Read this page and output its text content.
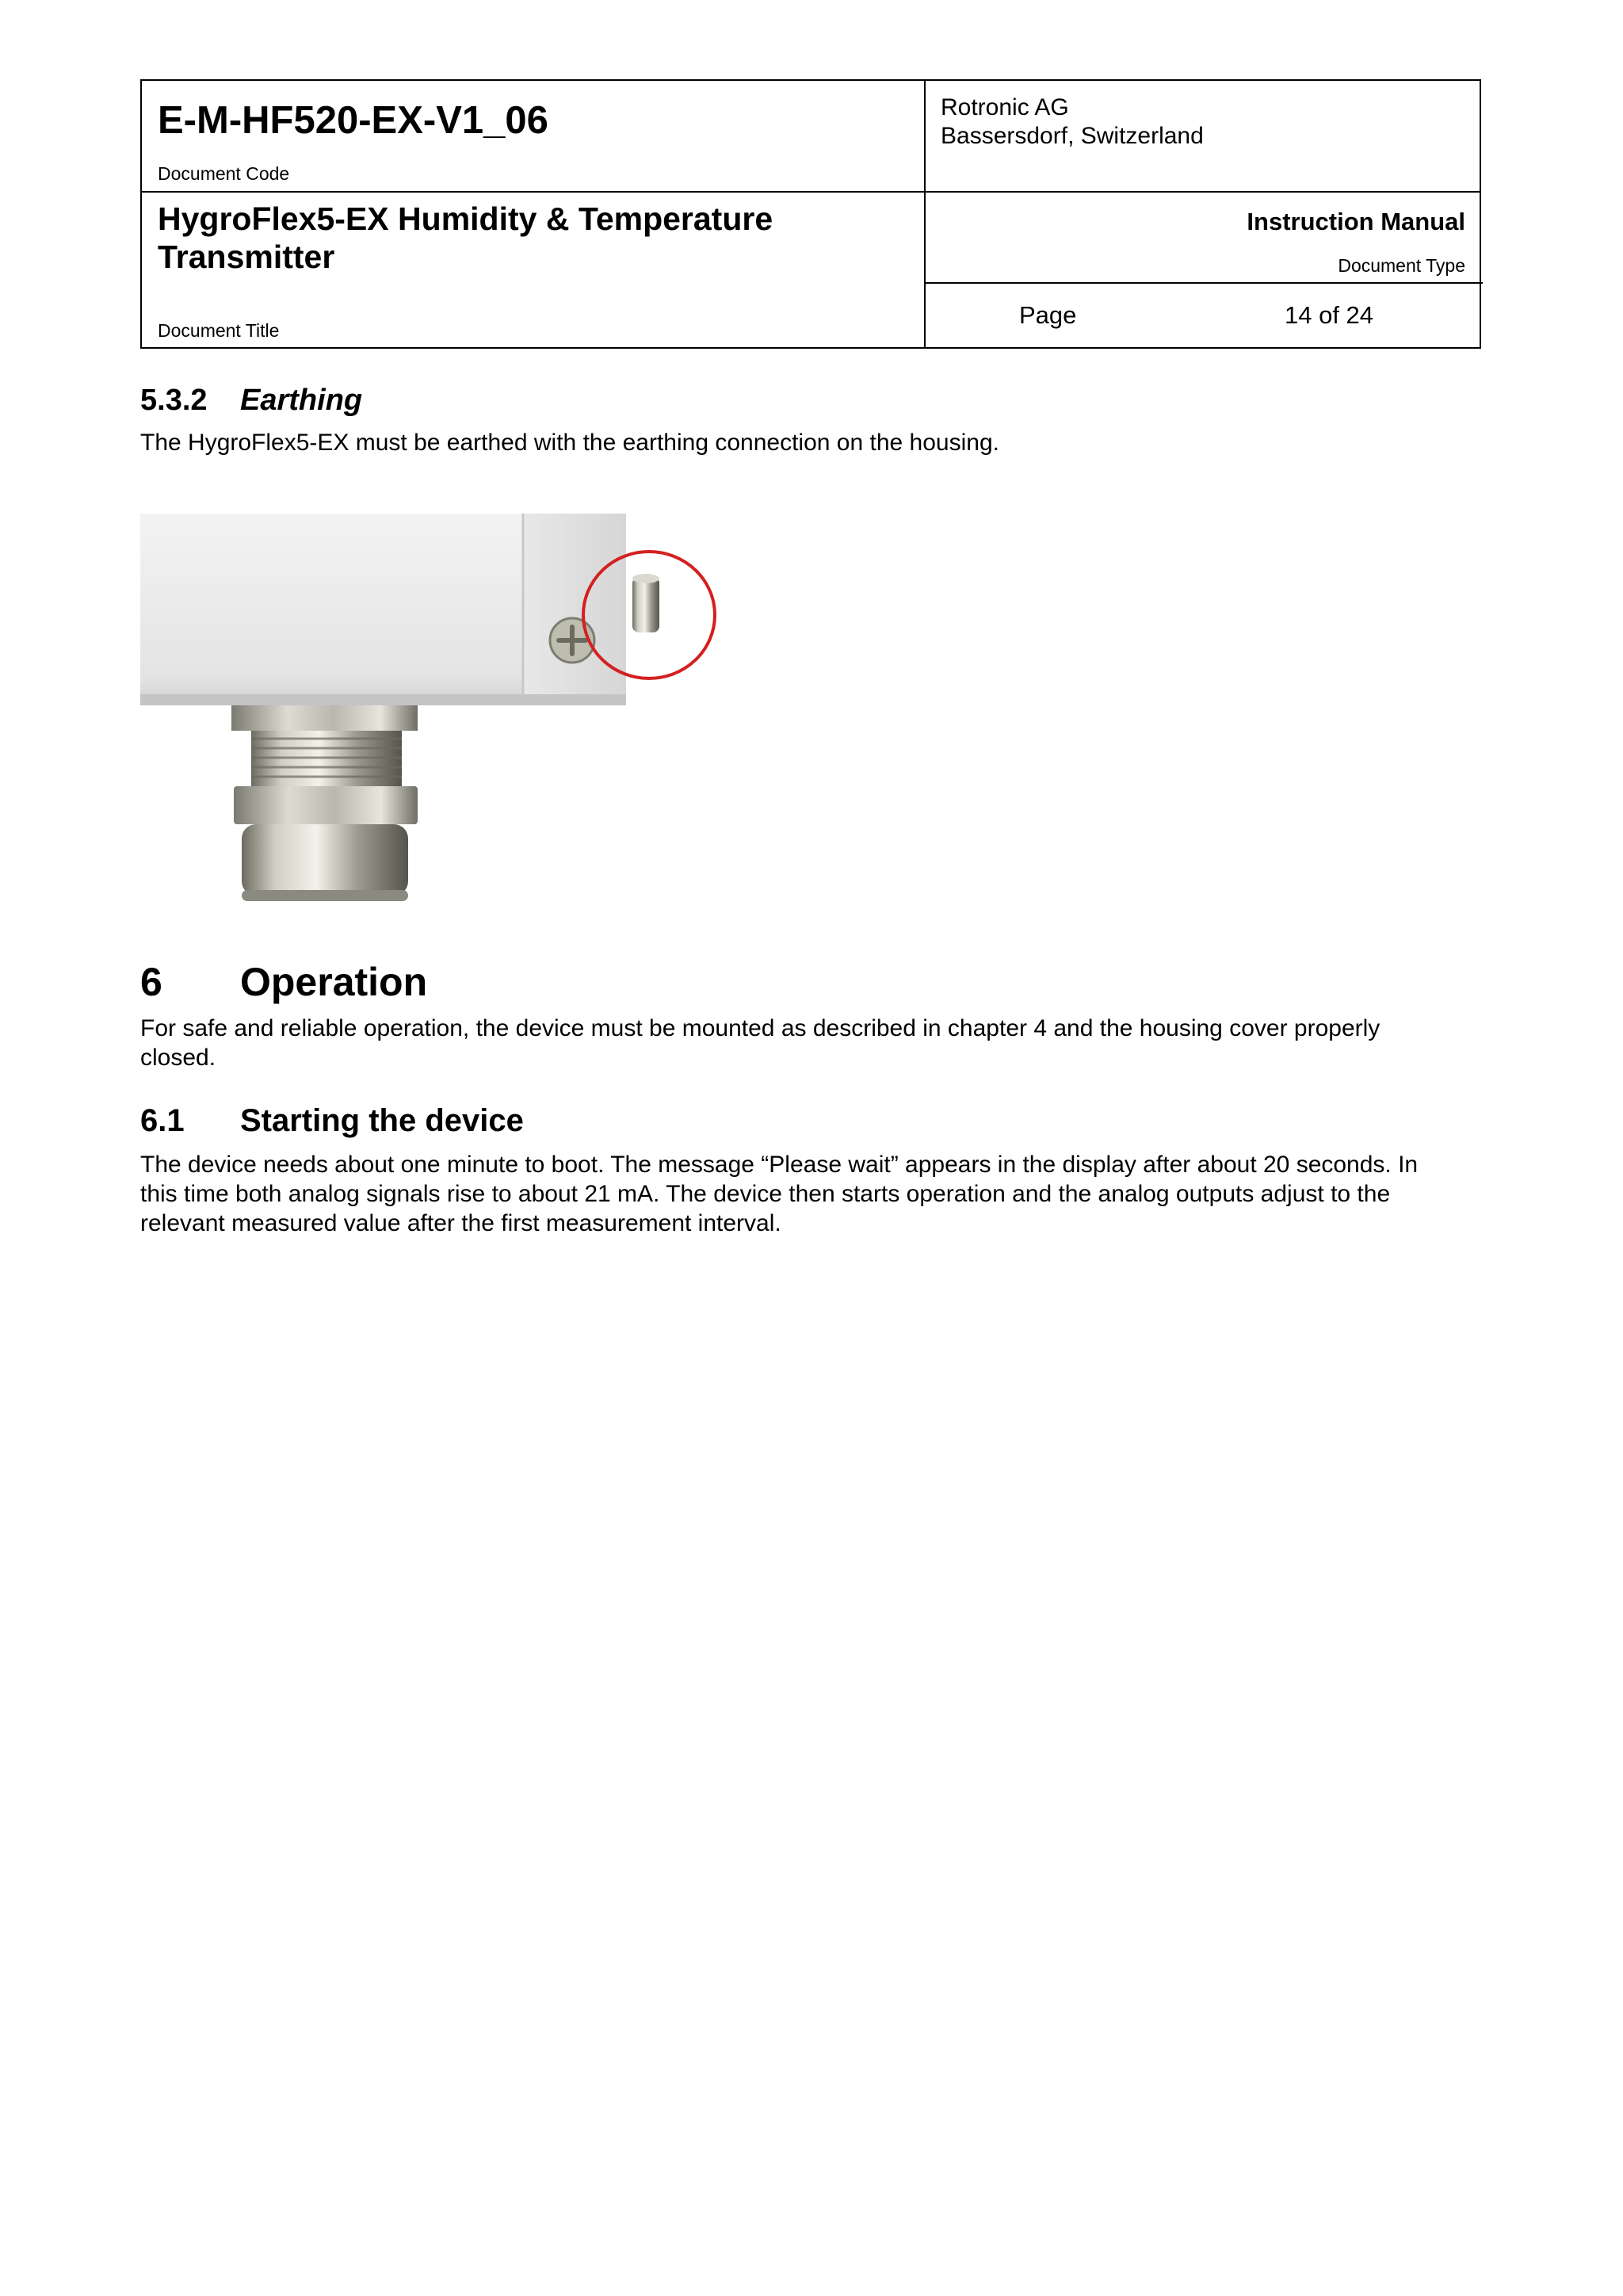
E-M-HF520-EX-V1_06
Document Code
Rotronic AG
Bassersdorf, Switzerland
HygroFlex5-EX Humidity & Temperature
Transmitter
Document Title
Instruction Manual
Document Type
Page	14 of 24
5.3.2 Earthing
The HygroFlex5-EX must be earthed with the earthing connection on the housing.
6 Operation
For safe and reliable operation, the device must be mounted as described in chapter 4 and the housing cover properly
closed.
6.1 Starting the device
The device needs about one minute to boot. The message “Please wait” appears in the display after about 20 seconds. In
this time both analog signals rise to about 21 mA. The device then starts operation and the analog outputs adjust to the
relevant measured value after the first measurement interval.
